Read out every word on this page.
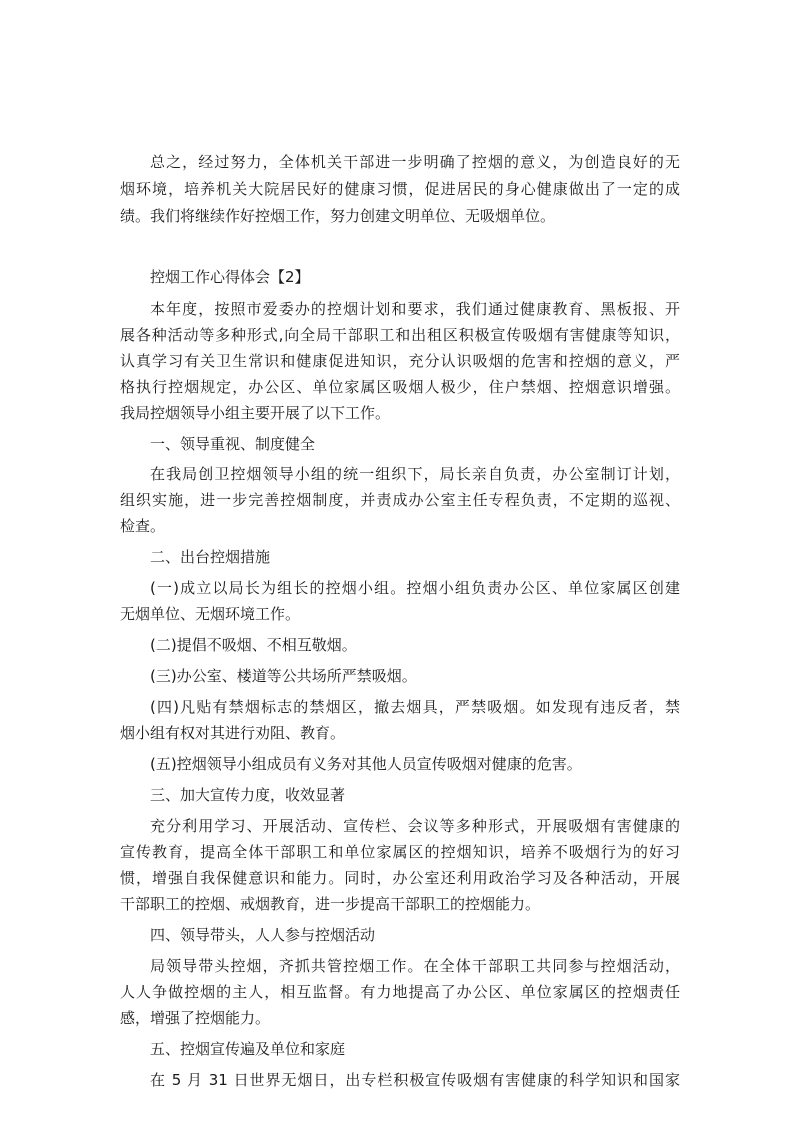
总之，经过努力，全体机关干部进一步明确了控烟的意义，为创造良好的无
烟环境，培养机关大院居民好的健康习惯，促进居民的身心健康做出了一定的成
绩。我们将继续作好控烟工作，努力创建文明单位、无吸烟单位。
控烟工作心得体会【2】
本年度，按照市爱委办的控烟计划和要求，我们通过健康教育、黑板报、开
展各种活动等多种形式,向全局干部职工和出租区积极宣传吸烟有害健康等知识，
认真学习有关卫生常识和健康促进知识，充分认识吸烟的危害和控烟的意义，严
格执行控烟规定，办公区、单位家属区吸烟人极少，住户禁烟、控烟意识增强。
我局控烟领导小组主要开展了以下工作。
一、领导重视、制度健全
在我局创卫控烟领导小组的统一组织下，局长亲自负责，办公室制订计划，
组织实施，进一步完善控烟制度，并责成办公室主任专程负责，不定期的巡视、
检查。
二、出台控烟措施
(一)成立以局长为组长的控烟小组。控烟小组负责办公区、单位家属区创建
无烟单位、无烟环境工作。
(二)提倡不吸烟、不相互敬烟。
(三)办公室、楼道等公共场所严禁吸烟。
(四)凡贴有禁烟标志的禁烟区，撤去烟具，严禁吸烟。如发现有违反者，禁
烟小组有权对其进行劝阻、教育。
(五)控烟领导小组成员有义务对其他人员宣传吸烟对健康的危害。
三、加大宣传力度，收效显著
充分利用学习、开展活动、宣传栏、会议等多种形式，开展吸烟有害健康的
宣传教育，提高全体干部职工和单位家属区的控烟知识，培养不吸烟行为的好习
惯，增强自我保健意识和能力。同时，办公室还利用政治学习及各种活动，开展
干部职工的控烟、戒烟教育，进一步提高干部职工的控烟能力。
四、领导带头，人人参与控烟活动
局领导带头控烟，齐抓共管控烟工作。在全体干部职工共同参与控烟活动，
人人争做控烟的主人，相互监督。有力地提高了办公区、单位家属区的控烟责任
感，增强了控烟能力。
五、控烟宣传遍及单位和家庭
在 5 月 31 日世界无烟日，出专栏积极宣传吸烟有害健康的科学知识和国家
